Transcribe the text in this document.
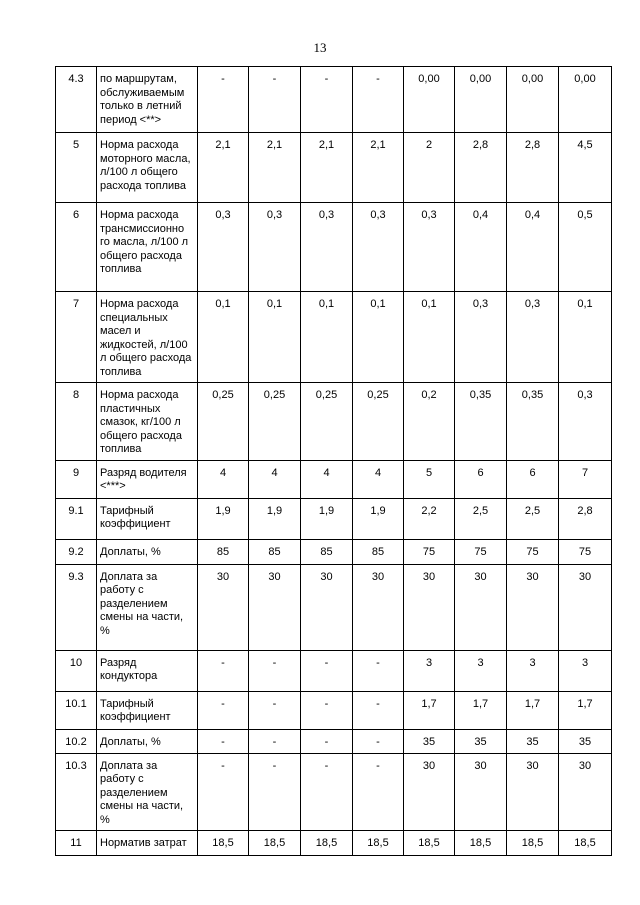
13
4.3	по маршрутам, обслуживаемым только в летний период <**>	-	-	-	-	0,00	0,00	0,00	0,00
5	Норма расхода моторного масла, л/100 л общего расхода топлива	2,1	2,1	2,1	2,1	2	2,8	2,8	4,5
6	Норма расхода трансмиссионно го масла, л/100 л общего расхода топлива	0,3	0,3	0,3	0,3	0,3	0,4	0,4	0,5
7	Норма расхода специальных масел и жидкостей, л/100 л общего расхода топлива	0,1	0,1	0,1	0,1	0,1	0,3	0,3	0,1
8	Норма расхода пластичных смазок, кг/100 л общего расхода топлива	0,25	0,25	0,25	0,25	0,2	0,35	0,35	0,3
9	Разряд водителя <***>	4	4	4	4	5	6	6	7
9.1	Тарифный коэффициент	1,9	1,9	1,9	1,9	2,2	2,5	2,5	2,8
9.2	Доплаты, %	85	85	85	85	75	75	75	75
9.3	Доплата за работу с разделением смены на части, %	30	30	30	30	30	30	30	30
10	Разряд кондуктора	-	-	-	-	3	3	3	3
10.1	Тарифный коэффициент	-	-	-	-	1,7	1,7	1,7	1,7
10.2	Доплаты, %	-	-	-	-	35	35	35	35
10.3	Доплата за работу с разделением смены на части, %	-	-	-	-	30	30	30	30
11	Норматив затрат	18,5	18,5	18,5	18,5	18,5	18,5	18,5	18,5
